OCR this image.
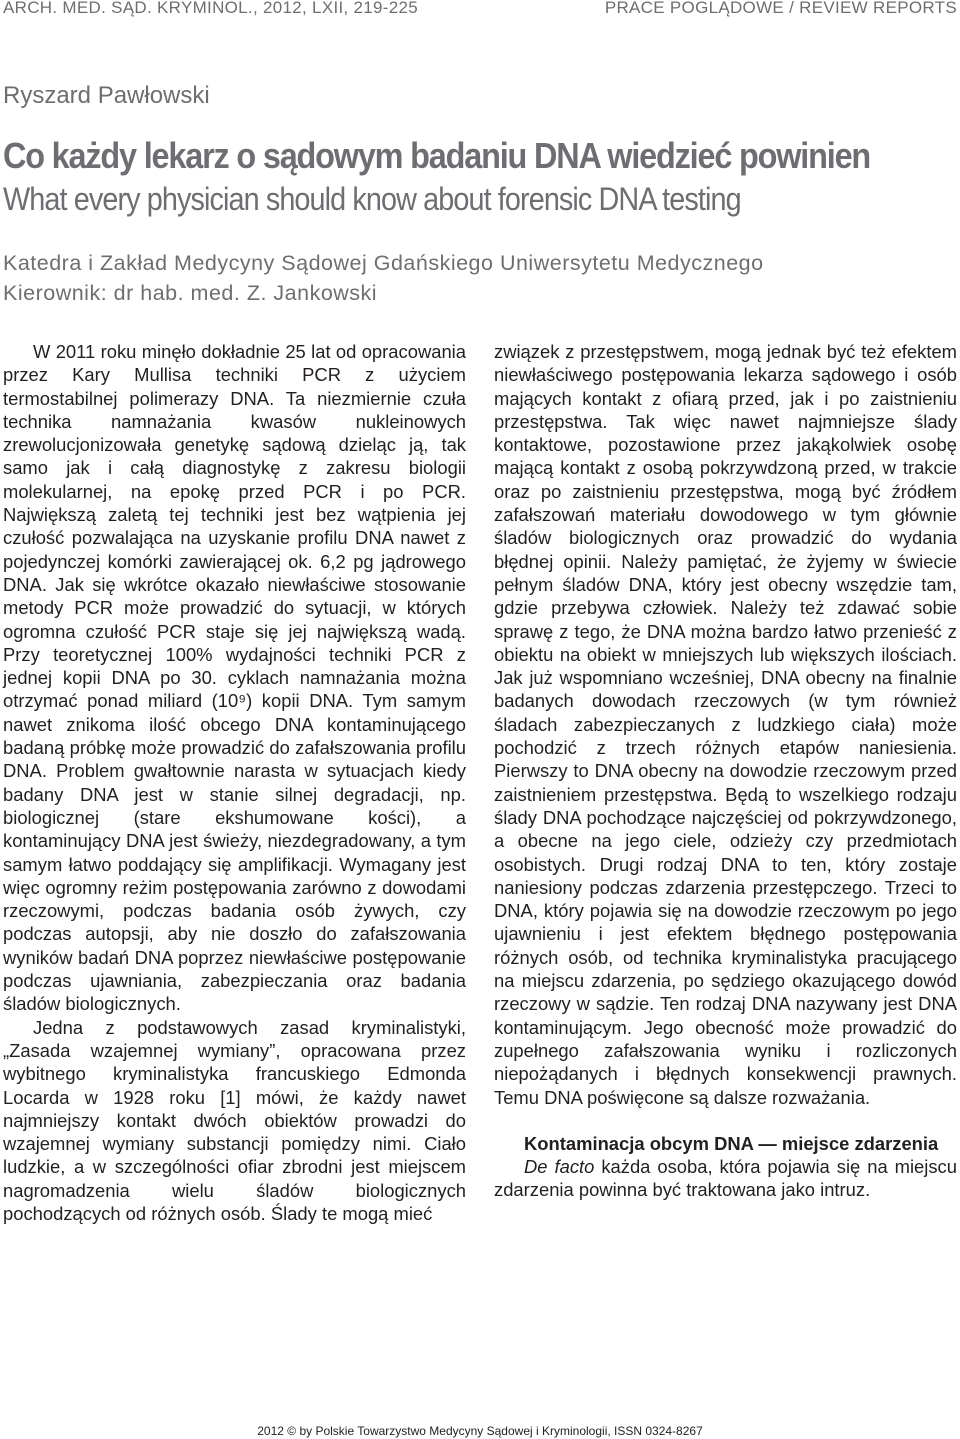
ARCH. MED. SĄD. KRYMINOL., 2012, LXII, 219-225	PRACE POGLĄDOWE / REVIEW REPORTS
Ryszard Pawłowski
Co każdy lekarz o sądowym badaniu DNA wiedzieć powinien
What every physician should know about forensic DNA testing
Katedra i Zakład Medycyny Sądowej Gdańskiego Uniwersytetu Medycznego
Kierownik: dr hab. med. Z. Jankowski

W 2011 roku minęło dokładnie 25 lat od opracowania przez Kary Mullisa techniki PCR z użyciem termostabilnej polimerazy DNA. Ta niezmiernie czuła technika namnażania kwasów nukleinowych zrewolucjonizowała genetykę sądową dzieląc ją, tak samo jak i całą diagnostykę z zakresu biologii molekularnej, na epokę przed PCR i po PCR. Największą zaletą tej techniki jest bez wątpienia jej czułość pozwalająca na uzyskanie profilu DNA nawet z pojedynczej komórki zawierającej ok. 6,2 pg jądrowego DNA. Jak się wkrótce okazało niewłaściwe stosowanie metody PCR może prowadzić do sytuacji, w których ogromna czułość PCR staje się jej największą wadą. Przy teoretycznej 100% wydajności techniki PCR z jednej kopii DNA po 30. cyklach namnażania można otrzymać ponad miliard (10⁹) kopii DNA. Tym samym nawet znikoma ilość obcego DNA kontaminującego badaną próbkę może prowadzić do zafałszowania profilu DNA. Problem gwałtownie narasta w sytuacjach kiedy badany DNA jest w stanie silnej degradacji, np. biologicznej (stare ekshumowane kości), a kontaminujący DNA jest świeży, niezdegradowany, a tym samym łatwo poddający się amplifikacji. Wymagany jest więc ogromny reżim postępowania zarówno z dowodami rzeczowymi, podczas badania osób żywych, czy podczas autopsji, aby nie doszło do zafałszowania wyników badań DNA poprzez niewłaściwe postępowanie podczas ujawniania, zabezpieczania oraz badania śladów biologicznych.

Jedna z podstawowych zasad kryminalistyki, „Zasada wzajemnej wymiany”, opracowana przez wybitnego kryminalistyka francuskiego Edmonda Locarda w 1928 roku [1] mówi, że każdy nawet najmniejszy kontakt dwóch obiektów prowadzi do wzajemnej wymiany substancji pomiędzy nimi. Ciało ludzkie, a w szczególności ofiar zbrodni jest miejscem nagromadzenia wielu śladów biologicznych pochodzących od różnych osób. Ślady te mogą mieć

związek z przestępstwem, mogą jednak być też efektem niewłaściwego postępowania lekarza sądowego i osób mających kontakt z ofiarą przed, jak i po zaistnieniu przestępstwa. Tak więc nawet najmniejsze ślady kontaktowe, pozostawione przez jakąkolwiek osobę mającą kontakt z osobą pokrzywdzoną przed, w trakcie oraz po zaistnieniu przestępstwa, mogą być źródłem zafałszowań materiału dowodowego w tym głównie śladów biologicznych oraz prowadzić do wydania błędnej opinii. Należy pamiętać, że żyjemy w świecie pełnym śladów DNA, który jest obecny wszędzie tam, gdzie przebywa człowiek. Należy też zdawać sobie sprawę z tego, że DNA można bardzo łatwo przenieść z obiektu na obiekt w mniejszych lub większych ilościach. Jak już wspomniano wcześniej, DNA obecny na finalnie badanych dowodach rzeczowych (w tym również śladach zabezpieczanych z ludzkiego ciała) może pochodzić z trzech różnych etapów naniesienia. Pierwszy to DNA obecny na dowodzie rzeczowym przed zaistnieniem przestępstwa. Będą to wszelkiego rodzaju ślady DNA pochodzące najczęściej od pokrzywdzonego, a obecne na jego ciele, odzieży czy przedmiotach osobistych. Drugi rodzaj DNA to ten, który zostaje naniesiony podczas zdarzenia przestępczego. Trzeci to DNA, który pojawia się na dowodzie rzeczowym po jego ujawnieniu i jest efektem błędnego postępowania różnych osób, od technika kryminalistyka pracującego na miejscu zdarzenia, po sędziego okazującego dowód rzeczowy w sądzie. Ten rodzaj DNA nazywany jest DNA kontaminującym. Jego obecność może prowadzić do zupełnego zafałszowania wyniku i rozliczonych niepożądanych i błędnych konsekwencji prawnych. Temu DNA poświęcone są dalsze rozważania.

Kontaminacja obcym DNA — miejsce zdarzenia

De facto każda osoba, która pojawia się na miejscu zdarzenia powinna być traktowana jako intruz.

2012 © by Polskie Towarzystwo Medycyny Sądowej i Kryminologii, ISSN 0324-8267
